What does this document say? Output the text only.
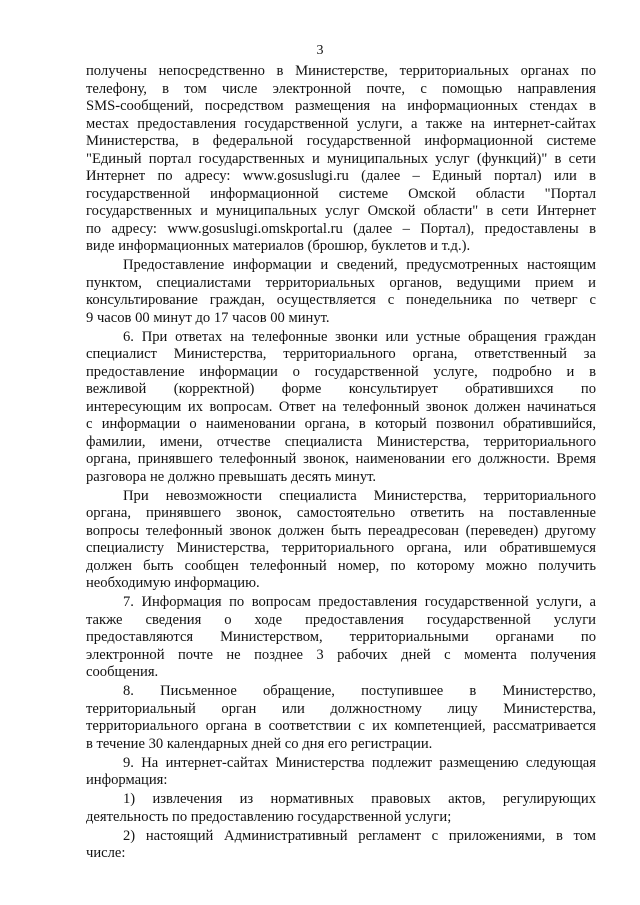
3
получены непосредственно в Министерстве, территориальных органах по
телефону, в том числе электронной почте, с помощью направления
SMS-сообщений, посредством размещения на информационных стендах в
местах предоставления государственной услуги, а также на интернет-сайтах
Министерства, в федеральной государственной информационной системе
"Единый портал государственных и муниципальных услуг (функций)" в сети
Интернет по адресу: www.gosuslugi.ru (далее – Единый портал) или в
государственной информационной системе Омской области "Портал
государственных и муниципальных услуг Омской области" в сети Интернет
по адресу: www.gosuslugi.omskportal.ru (далее – Портал), предоставлены в
виде информационных материалов (брошюр, буклетов и т.д.).
Предоставление информации и сведений, предусмотренных настоящим
пунктом, специалистами территориальных органов, ведущими прием и
консультирование граждан, осуществляется с понедельника по четверг с
9 часов 00 минут до 17 часов 00 минут.
6. При ответах на телефонные звонки или устные обращения граждан
специалист Министерства, территориального органа, ответственный за
предоставление информации о государственной услуге, подробно и в
вежливой (корректной) форме консультирует обратившихся по
интересующим их вопросам. Ответ на телефонный звонок должен начинаться
с информации о наименовании органа, в который позвонил обратившийся,
фамилии, имени, отчестве специалиста Министерства, территориального
органа, принявшего телефонный звонок, наименовании его должности. Время
разговора не должно превышать десять минут.
При невозможности специалиста Министерства, территориального
органа, принявшего звонок, самостоятельно ответить на поставленные
вопросы телефонный звонок должен быть переадресован (переведен) другому
специалисту Министерства, территориального органа, или обратившемуся
должен быть сообщен телефонный номер, по которому можно получить
необходимую информацию.
7. Информация по вопросам предоставления государственной услуги, а
также сведения о ходе предоставления государственной услуги
предоставляются Министерством, территориальными органами по
электронной почте не позднее 3 рабочих дней с момента получения
сообщения.
8. Письменное обращение, поступившее в Министерство,
территориальный орган или должностному лицу Министерства,
территориального органа в соответствии с их компетенцией, рассматривается
в течение 30 календарных дней со дня его регистрации.
9. На интернет-сайтах Министерства подлежит размещению следующая
информация:
1) извлечения из нормативных правовых актов, регулирующих
деятельность по предоставлению государственной услуги;
2) настоящий Административный регламент с приложениями, в том
числе:
